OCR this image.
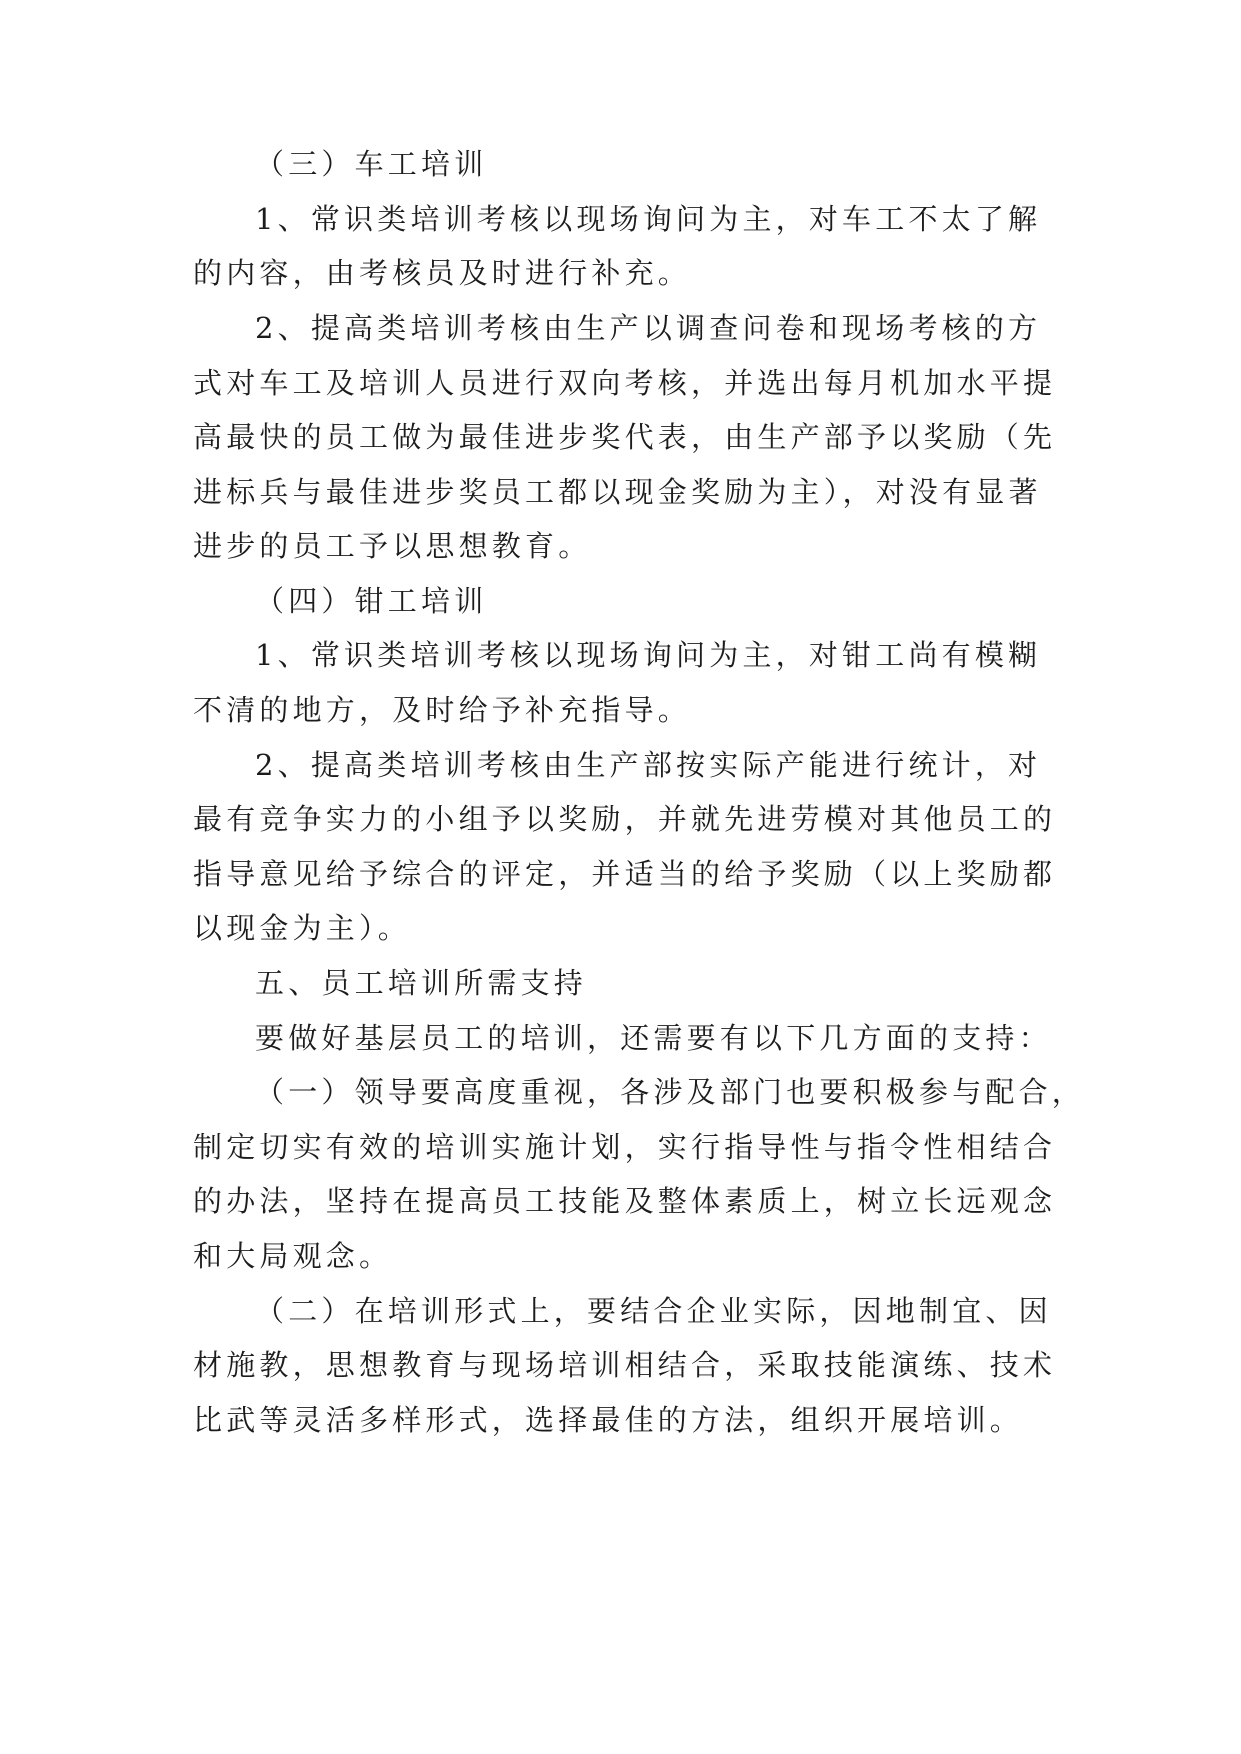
（三）车工培训
1、常识类培训考核以现场询问为主，对车工不太了解
的内容，由考核员及时进行补充。
2、提高类培训考核由生产以调查问卷和现场考核的方
式对车工及培训人员进行双向考核，并选出每月机加水平提
高最快的员工做为最佳进步奖代表，由生产部予以奖励（先
进标兵与最佳进步奖员工都以现金奖励为主），对没有显著
进步的员工予以思想教育。
（四）钳工培训
1、常识类培训考核以现场询问为主，对钳工尚有模糊
不清的地方，及时给予补充指导。
2、提高类培训考核由生产部按实际产能进行统计，对
最有竞争实力的小组予以奖励，并就先进劳模对其他员工的
指导意见给予综合的评定，并适当的给予奖励（以上奖励都
以现金为主）。
五、员工培训所需支持
要做好基层员工的培训，还需要有以下几方面的支持：
（一）领导要高度重视，各涉及部门也要积极参与配合，
制定切实有效的培训实施计划，实行指导性与指令性相结合
的办法，坚持在提高员工技能及整体素质上，树立长远观念
和大局观念。
（二）在培训形式上，要结合企业实际，因地制宜、因
材施教，思想教育与现场培训相结合，采取技能演练、技术
比武等灵活多样形式，选择最佳的方法，组织开展培训。
